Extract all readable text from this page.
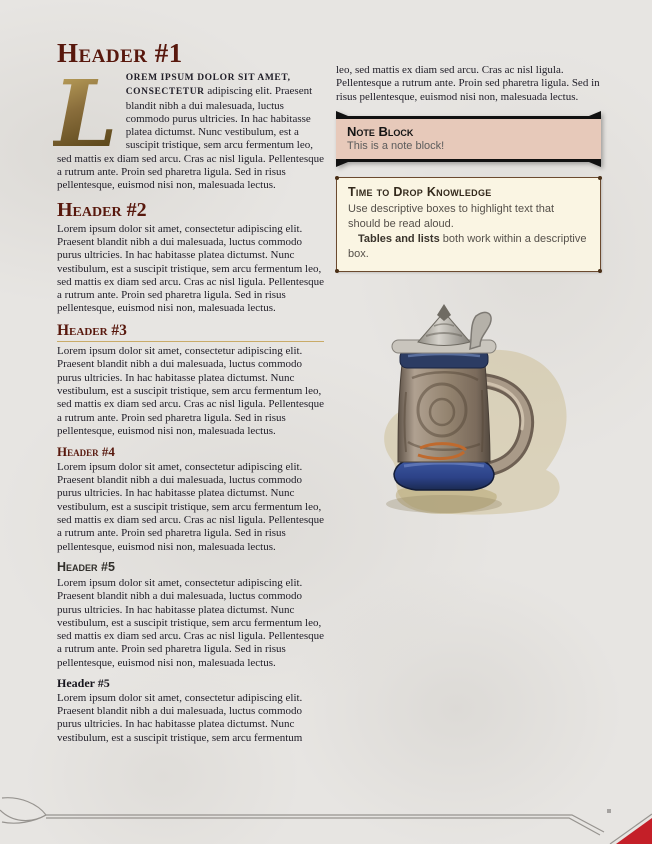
Header #1

L OREM IPSUM DOLOR SIT AMET, CONSECTETUR adipiscing elit. Praesent blandit nibh a dui malesuada, luctus commodo purus ultricies. In hac habitasse platea dictumst. Nunc vestibulum, est a suscipit tristique, sem arcu fermentum leo, sed mattis ex diam sed arcu. Cras ac nisl ligula. Pellentesque a rutrum ante. Proin sed pharetra ligula. Sed in risus pellentesque, euismod nisi non, malesuada lectus.

Header #2

Lorem ipsum dolor sit amet, consectetur adipiscing elit. Praesent blandit nibh a dui malesuada, luctus commodo purus ultricies. In hac habitasse platea dictumst. Nunc vestibulum, est a suscipit tristique, sem arcu fermentum leo, sed mattis ex diam sed arcu. Cras ac nisl ligula. Pellentesque a rutrum ante. Proin sed pharetra ligula. Sed in risus pellentesque, euismod nisi non, malesuada lectus.

Header #3

Lorem ipsum dolor sit amet, consectetur adipiscing elit. Praesent blandit nibh a dui malesuada, luctus commodo purus ultricies. In hac habitasse platea dictumst. Nunc vestibulum, est a suscipit tristique, sem arcu fermentum leo, sed mattis ex diam sed arcu. Cras ac nisl ligula. Pellentesque a rutrum ante. Proin sed pharetra ligula. Sed in risus pellentesque, euismod nisi non, malesuada lectus.

Header #4

Lorem ipsum dolor sit amet, consectetur adipiscing elit. Praesent blandit nibh a dui malesuada, luctus commodo purus ultricies. In hac habitasse platea dictumst. Nunc vestibulum, est a suscipit tristique, sem arcu fermentum leo, sed mattis ex diam sed arcu. Cras ac nisl ligula. Pellentesque a rutrum ante. Proin sed pharetra ligula. Sed in risus pellentesque, euismod nisi non, malesuada lectus.

Header #5

Lorem ipsum dolor sit amet, consectetur adipiscing elit. Praesent blandit nibh a dui malesuada, luctus commodo purus ultricies. In hac habitasse platea dictumst. Nunc vestibulum, est a suscipit tristique, sem arcu fermentum leo, sed mattis ex diam sed arcu. Cras ac nisl ligula. Pellentesque a rutrum ante. Proin sed pharetra ligula. Sed in risus pellentesque, euismod nisi non, malesuada lectus.

Header #5

Lorem ipsum dolor sit amet, consectetur adipiscing elit. Praesent blandit nibh a dui malesuada, luctus commodo purus ultricies. In hac habitasse platea dictumst. Nunc vestibulum, est a suscipit tristique, sem arcu fermentum

leo, sed mattis ex diam sed arcu. Cras ac nisl ligula. Pellentesque a rutrum ante. Proin sed pharetra ligula. Sed in risus pellentesque, euismod nisi non, malesuada lectus.

Note Block

This is a note block!

Time to Drop Knowledge

Use descriptive boxes to highlight text that should be read aloud.

Tables and lists both work within a descriptive box.
